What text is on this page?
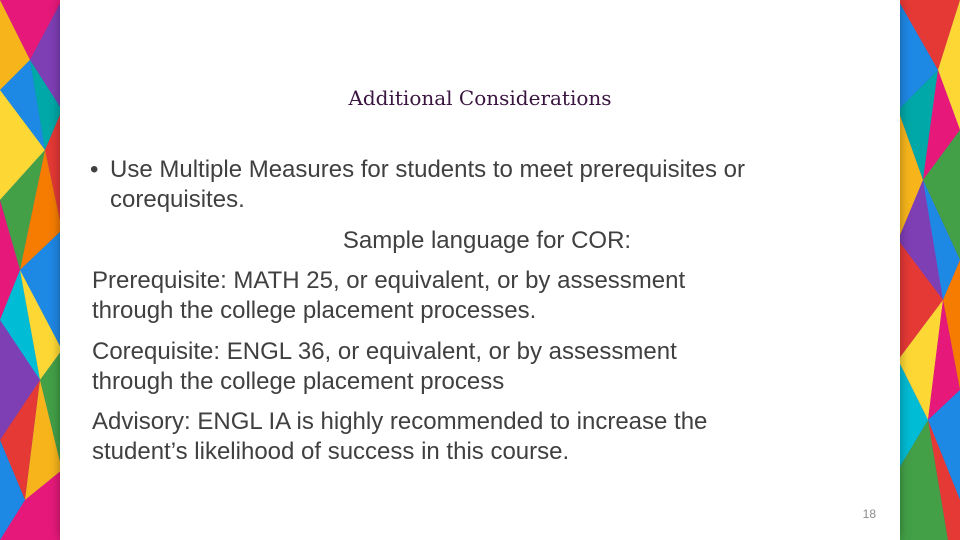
Additional Considerations
• Use Multiple Measures for students to meet prerequisites or corequisites.
Sample language for COR:
Prerequisite: MATH 25, or equivalent, or by assessment
through the college placement processes.
Corequisite: ENGL 36, or equivalent, or by assessment
through the college placement process
Advisory: ENGL IA is highly recommended to increase the
student’s likelihood of success in this course.
18
